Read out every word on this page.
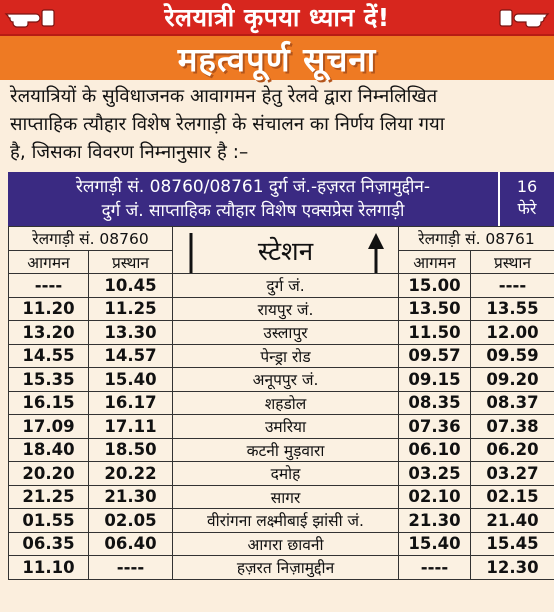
रेलयात्री कृपया ध्यान दें!
महत्वपूर्ण सूचना
रेलयात्रियों के सुविधाजनक आवागमन हेतु रेलवे द्वारा निम्नलिखित
साप्ताहिक त्यौहार विशेष रेलगाड़ी के संचालन का निर्णय लिया गया
है, जिसका विवरण निम्नानुसार है :–
रेलगाड़ी सं. 08760/08761 दुर्ग जं.-हज़रत निज़ामुद्दीन-
दुर्ग जं. साप्ताहिक त्यौहार विशेष एक्सप्रेस रेलगाड़ी
16
फेरे
रेलगाड़ी सं. 08760		स्टेशन	रेलगाड़ी सं. 08761	
आगमन	प्रस्थान		आगमन	प्रस्थान
----	10.45	दुर्ग जं.	15.00	----
11.20	11.25	रायपुर जं.	13.50	13.55
13.20	13.30	उस्लापुर	11.50	12.00
14.55	14.57	पेन्ड्रा रोड	09.57	09.59
15.35	15.40	अनूपपुर जं.	09.15	09.20
16.15	16.17	शहडोल	08.35	08.37
17.09	17.11	उमरिया	07.36	07.38
18.40	18.50	कटनी मुड़वारा	06.10	06.20
20.20	20.22	दमोह	03.25	03.27
21.25	21.30	सागर	02.10	02.15
01.55	02.05	वीरांगना लक्ष्मीबाई झांसी जं.	21.30	21.40
06.35	06.40	आगरा छावनी	15.40	15.45
11.10	----	हज़रत निज़ामुद्दीन	----	12.30
